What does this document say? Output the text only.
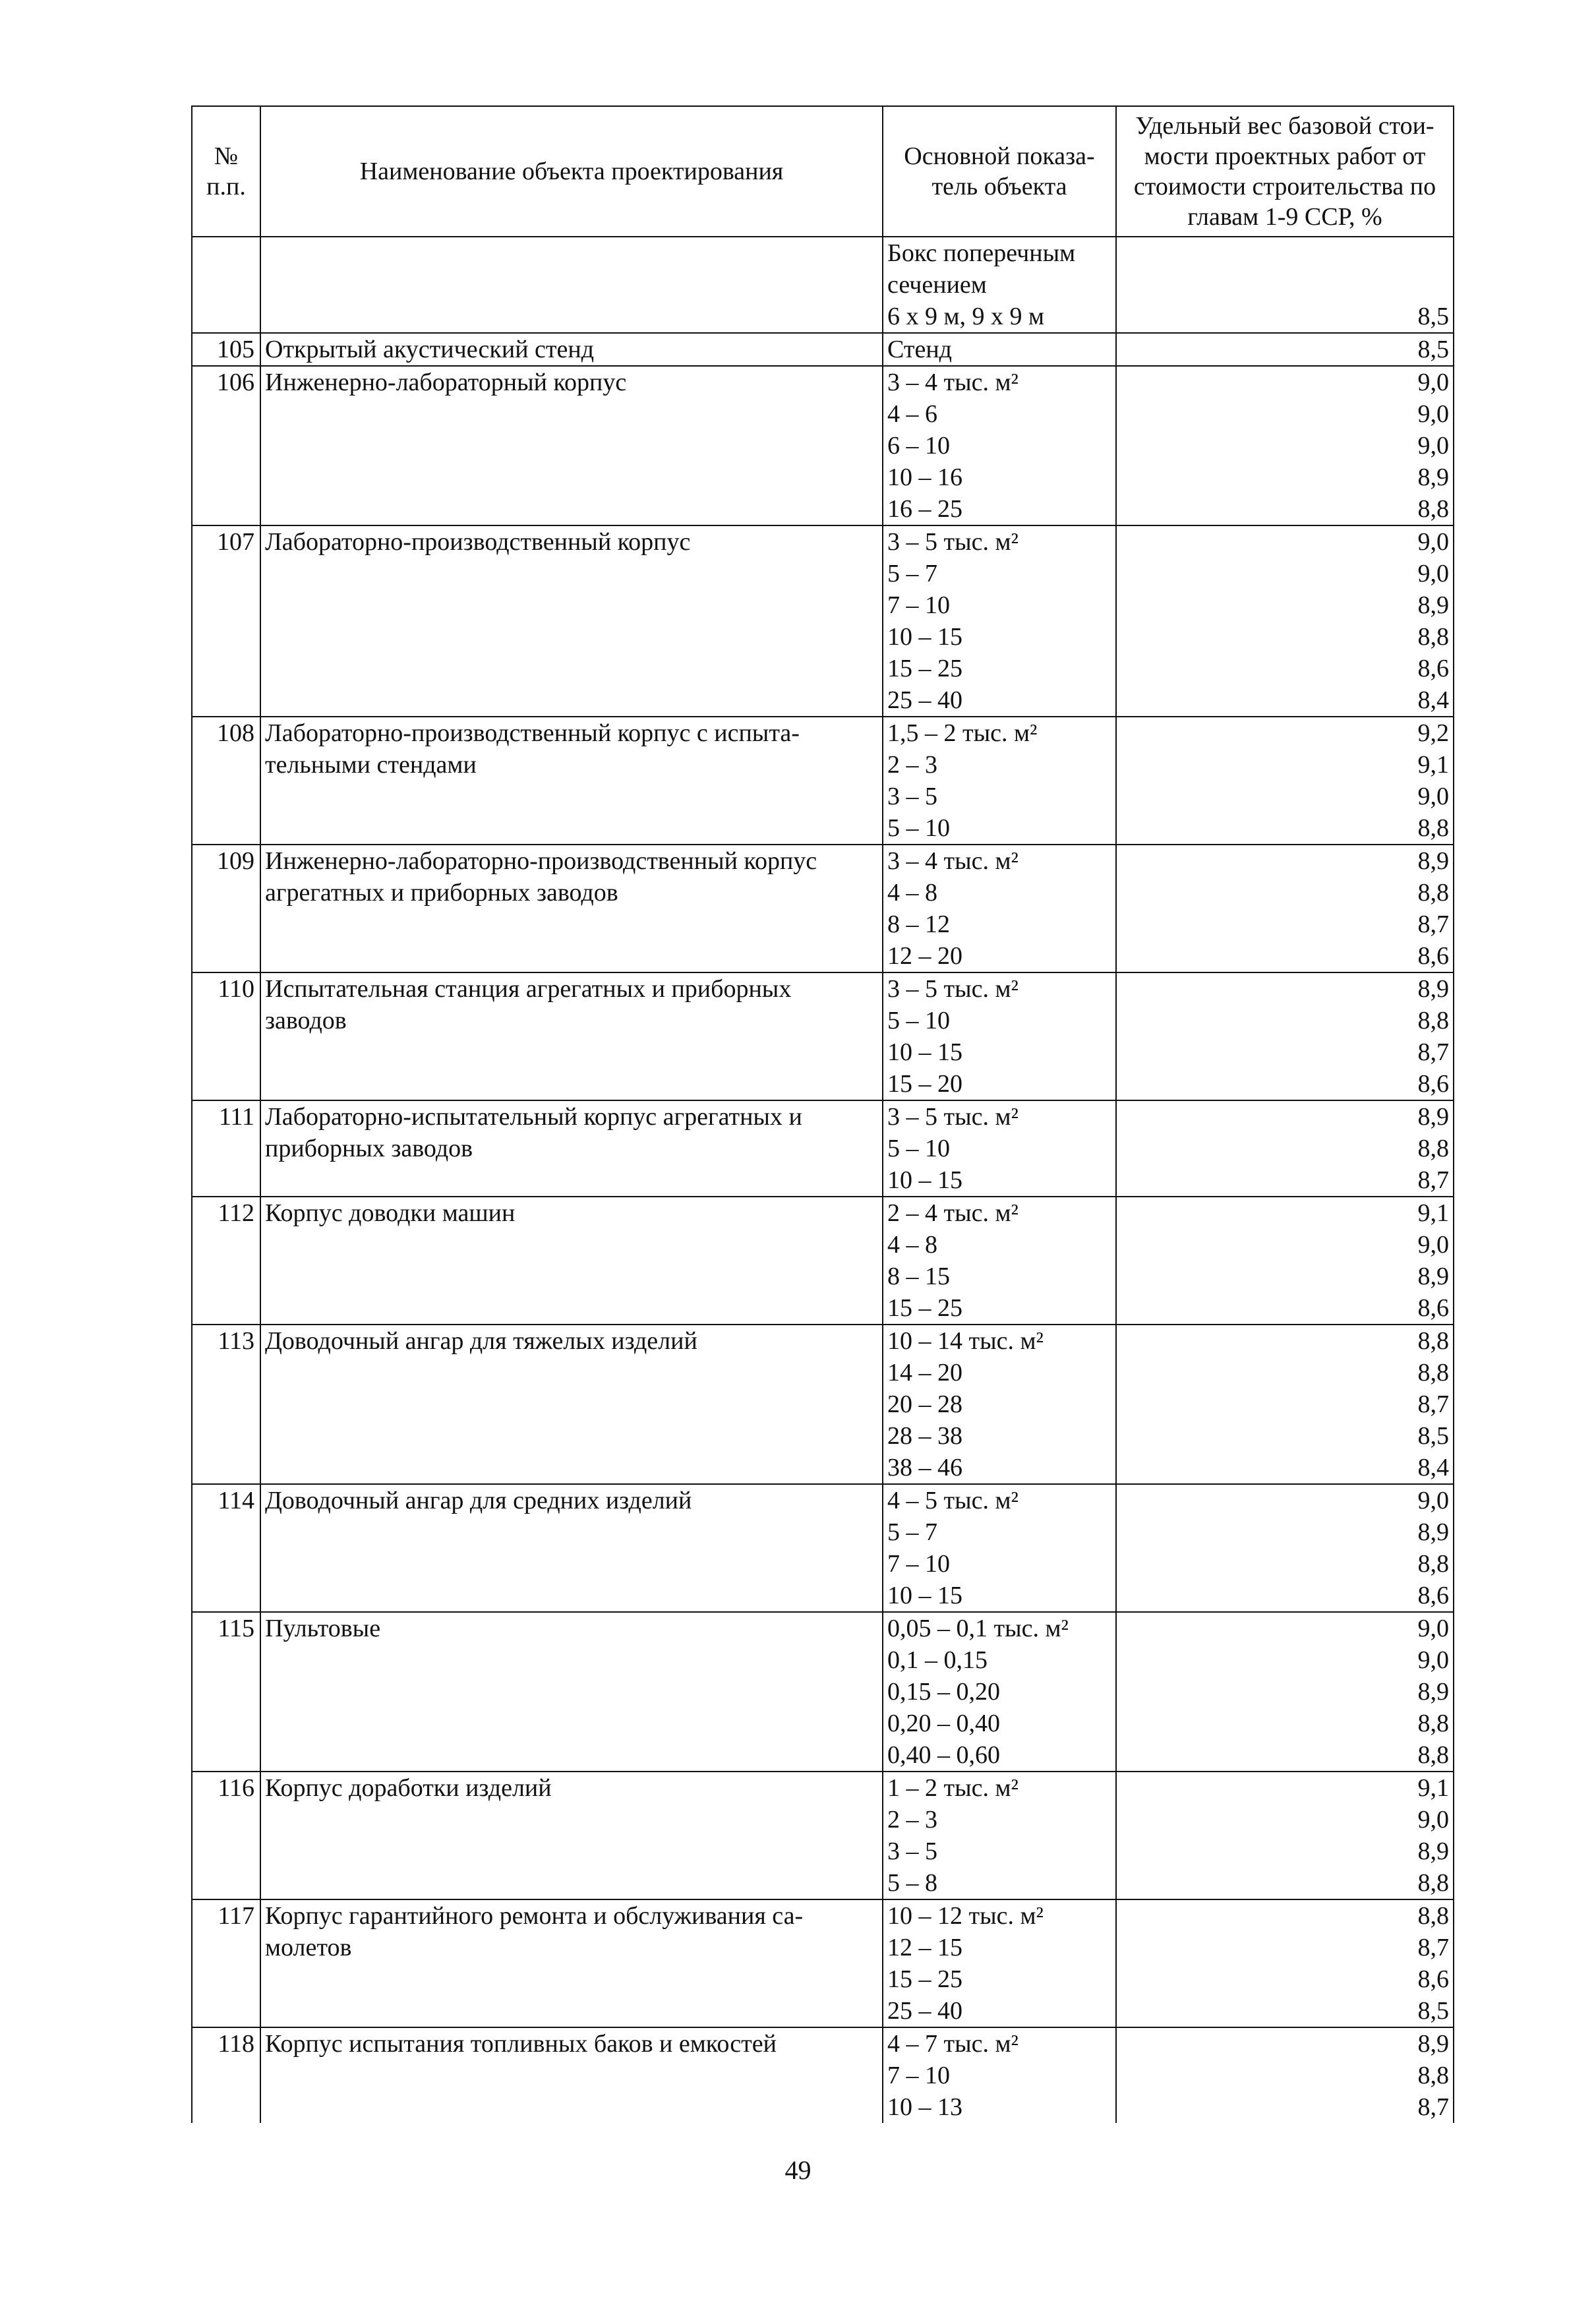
№ п.п.	Наименование объекта проектирования	Основной показа-тель объекта	Удельный вес базовой стои-мости проектных работ от стоимости строительства по главам 1-9 ССР, %
		Бокс поперечным	
		сечением	
		6 х 9 м, 9 х 9 м	8,5
105	Открытый акустический стенд	Стенд	8,5
106	Инженерно-лабораторный корпус	3 – 4 тыс. м²	9,0
		4 – 6	9,0
		6 – 10	9,0
		10 – 16	8,9
		16 – 25	8,8
107	Лабораторно-производственный корпус	3 – 5 тыс. м²	9,0
		5 – 7	9,0
		7 – 10	8,9
		10 – 15	8,8
		15 – 25	8,6
		25 – 40	8,4
108	Лабораторно-производственный корпус с испыта-	1,5 – 2 тыс. м²	9,2
	тельными стендами	2 – 3	9,1
		3 – 5	9,0
		5 – 10	8,8
109	Инженерно-лабораторно-производственный корпус	3 – 4 тыс. м²	8,9
	агрегатных и приборных заводов	4 – 8	8,8
		8 – 12	8,7
		12 – 20	8,6
110	Испытательная станция агрегатных и приборных	3 – 5 тыс. м²	8,9
	заводов	5 – 10	8,8
		10 – 15	8,7
		15 – 20	8,6
111	Лабораторно-испытательный корпус агрегатных и	3 – 5 тыс. м²	8,9
	приборных заводов	5 – 10	8,8
		10 – 15	8,7
112	Корпус доводки машин	2 – 4 тыс. м²	9,1
		4 – 8	9,0
		8 – 15	8,9
		15 – 25	8,6
113	Доводочный ангар для тяжелых изделий	10 – 14 тыс. м²	8,8
		14 – 20	8,8
		20 – 28	8,7
		28 – 38	8,5
		38 – 46	8,4
114	Доводочный ангар для средних изделий	4 – 5 тыс. м²	9,0
		5 – 7	8,9
		7 – 10	8,8
		10 – 15	8,6
115	Пультовые	0,05 – 0,1 тыс. м²	9,0
		0,1 – 0,15	9,0
		0,15 – 0,20	8,9
		0,20 – 0,40	8,8
		0,40 – 0,60	8,8
116	Корпус доработки изделий	1 – 2 тыс. м²	9,1
		2 – 3	9,0
		3 – 5	8,9
		5 – 8	8,8
117	Корпус гарантийного ремонта и обслуживания са-	10 – 12 тыс. м²	8,8
	молетов	12 – 15	8,7
		15 – 25	8,6
		25 – 40	8,5
118	Корпус испытания топливных баков и емкостей	4 – 7 тыс. м²	8,9
		7 – 10	8,8
		10 – 13	8,7
49
